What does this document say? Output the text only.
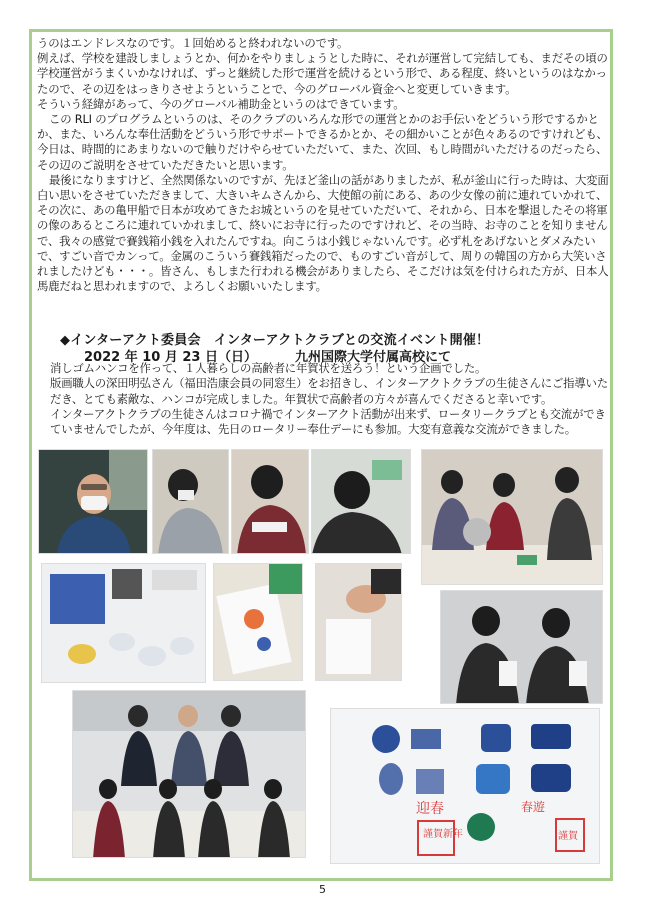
うのはエンドレスなのです。１回始めると終われないのです。

例えば、学校を建設しましょうとか、何かをやりましょうとした時に、それが運営して完結しても、まだその頃の学校運営がうまくいかなければ、ずっと継続した形で運営を続けるという形で、ある程度、終いというのはなかったので、その辺をはっきりさせようということで、今のグローバル資金へと変更していきます。

そういう経緯があって、今のグローバル補助金というのはできています。

この RLI のプログラムというのは、そのクラブのいろんな形での運営とかのお手伝いをどういう形でするかとか、また、いろんな奉仕活動をどういう形でサポートできるかとか、その細かいことが色々あるのですけれども、今日は、時間的にあまりないので触りだけやらせていただいて、また、次回、もし時間がいただけるのだったら、その辺のご説明をさせていただきたいと思います。

最後になりますけど、全然関係ないのですが、先ほど釜山の話がありましたが、私が釜山に行った時は、大変面白い思いをさせていただきまして、大きいキムさんから、大使館の前にある、あの少女像の前に連れていかれて、その次に、あの亀甲船で日本が攻めてきたお城というのを見せていただいて、それから、日本を撃退したその将軍の像のあるところに連れていかれまして、終いにお寺に行ったのですけれど、その当時、お寺のことを知りませんで、我々の感覚で賽銭箱小銭を入れたんですね。向こうは小銭じゃないんです。必ず札をあげないとダメみたいで、すごい音でカンって。金属のこういう賽銭箱だったので、ものすごい音がして、周りの韓国の方から大笑いされましたけども・・・。皆さん、もしまた行われる機会がありましたら、そこだけは気を付けられた方が、日本人馬鹿だねと思われますので、よろしくお願いいたします。

◆インターアクト委員会　インターアクトクラブとの交流イベント開催！
2022 年 10 月 23 日（日）	九州国際大学付属高校にて

消しゴムハンコを作って、１人暮らしの高齢者に年賀状を送ろう！という企画でした。

版画職人の深田明弘さん（福田浩康会員の同窓生）をお招きし、インターアクトクラブの生徒さんにご指導いただき、とても素敵な、ハンコが完成しました。年賀状で高齢者の方々が喜んでくださると幸いです。

インターアクトクラブの生徒さんはコロナ禍でインターアクト活動が出来ず、ロータリークラブとも交流ができていませんでしたが、今年度は、先日のロータリー奉仕デーにも参加。大変有意義な交流ができました。

迎春
謹賀新年
春遊
謹賀
5
